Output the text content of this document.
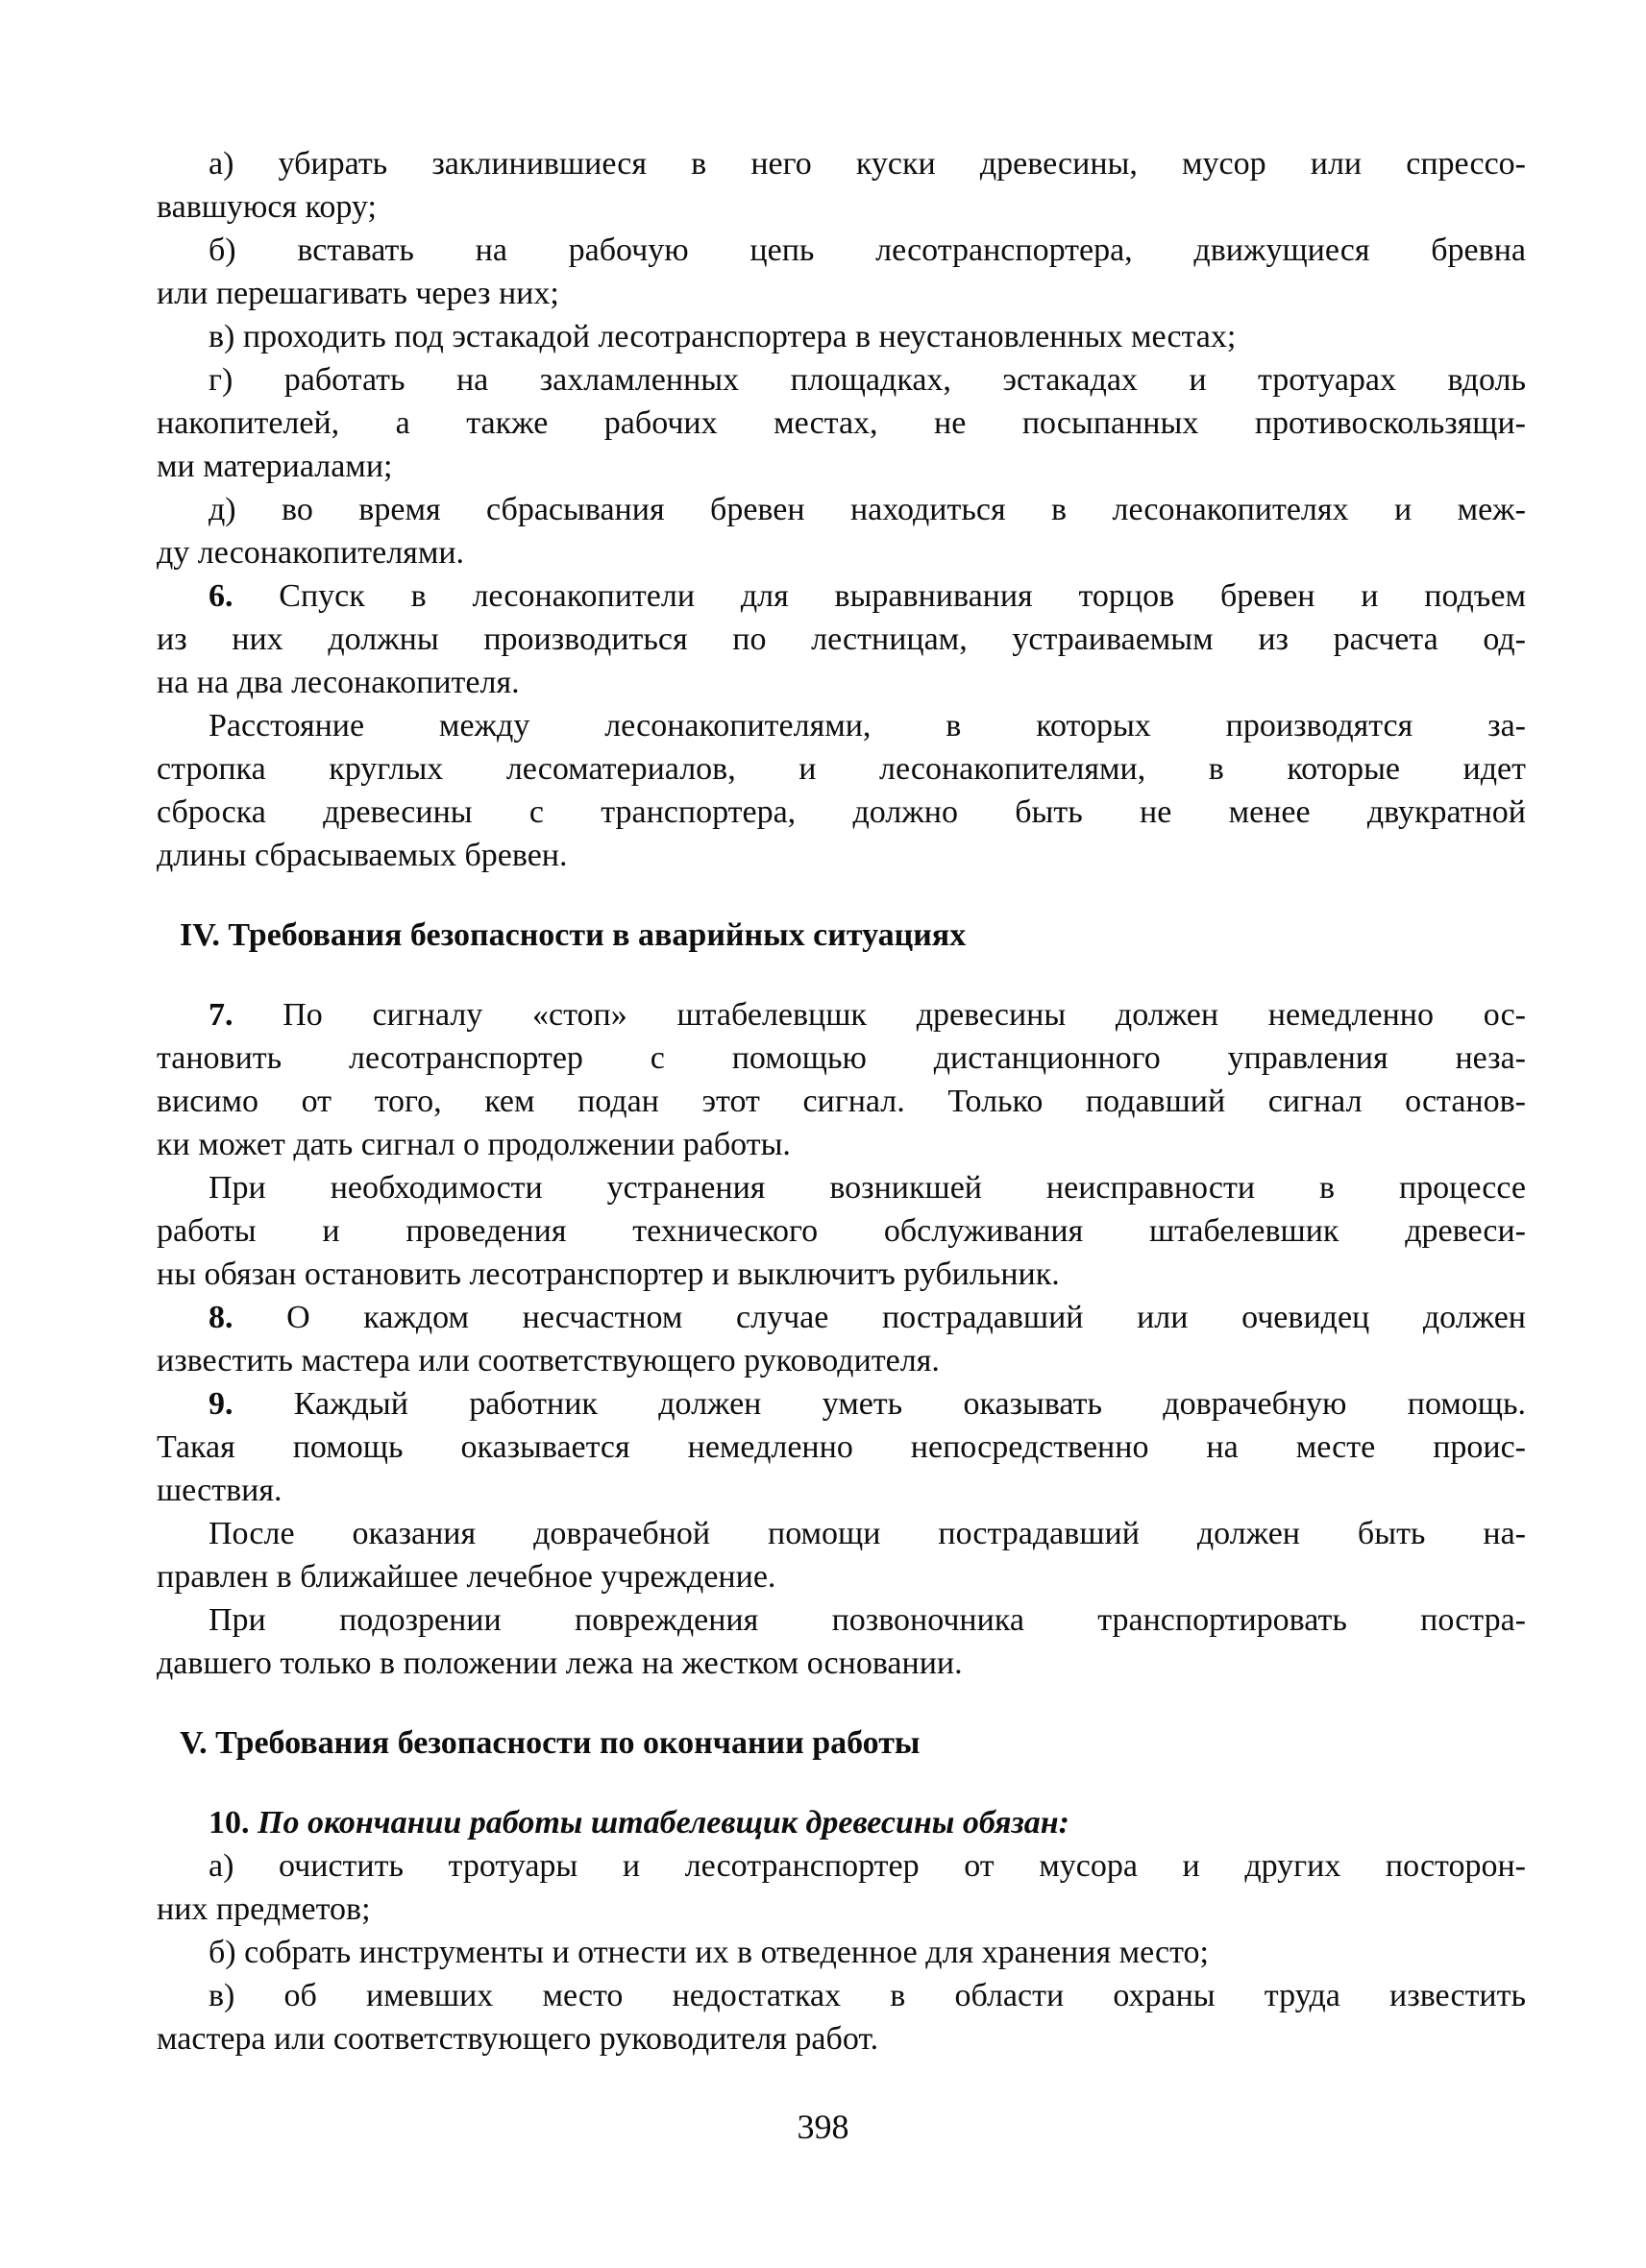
а) убирать заклинившиеся в него куски древесины, мусор или спрессо-
вавшуюся кору;
б) вставать на рабочую цепь лесотранспортера, движущиеся бревна
или перешагивать через них;
в) проходить под эстакадой лесотранспортера в неустановленных местах;
г) работать на захламленных площадках, эстакадах и тротуарах вдоль
накопителей, а также рабочих местах, не посыпанных противоскользящи-
ми материалами;
д) во время сбрасывания бревен находиться в лесонакопителях и меж-
ду лесонакопителями.
6. Спуск в лесонакопители для выравнивания торцов бревен и подъем
из них должны производиться по лестницам, устраиваемым из расчета од-
на на два лесонакопителя.
Расстояние между лесонакопителями, в которых производятся за-
стропка круглых лесоматериалов, и лесонакопителями, в которые идет
сброска древесины с транспортера, должно быть не менее двукратной
длины сбрасываемых бревен.
IV. Требования безопасности в аварийных ситуациях
7. По сигналу «стоп» штабелевцшк древесины должен немедленно ос-
тановить лесотранспортер с помощью дистанционного управления неза-
висимо от того, кем подан этот сигнал. Только подавший сигнал останов-
ки может дать сигнал о продолжении работы.
При необходимости устранения возникшей неисправности в процессе
работы и проведения технического обслуживания штабелевшик древеси-
ны обязан остановить лесотранспортер и выключитъ рубильник.
8. О каждом несчастном случае пострадавший или очевидец должен
известить мастера или соответствующего руководителя.
9. Каждый работник должен уметь оказывать доврачебную помощь.
Такая помощь оказывается немедленно непосредственно на месте проис-
шествия.
После оказания доврачебной помощи пострадавший должен быть на-
правлен в ближайшее лечебное учреждение.
При подозрении повреждения позвоночника транспортировать постра-
давшего только в положении лежа на жестком основании.
V. Требования безопасности по окончании работы
10. По окончании работы штабелевщик древесины обязан:
а) очистить тротуары и лесотранспортер от мусора и других посторон-
них предметов;
б) собрать инструменты и отнести их в отведенное для хранения место;
в) об имевших место недостатках в области охраны труда известить
мастера или соответствующего руководителя работ.
398
